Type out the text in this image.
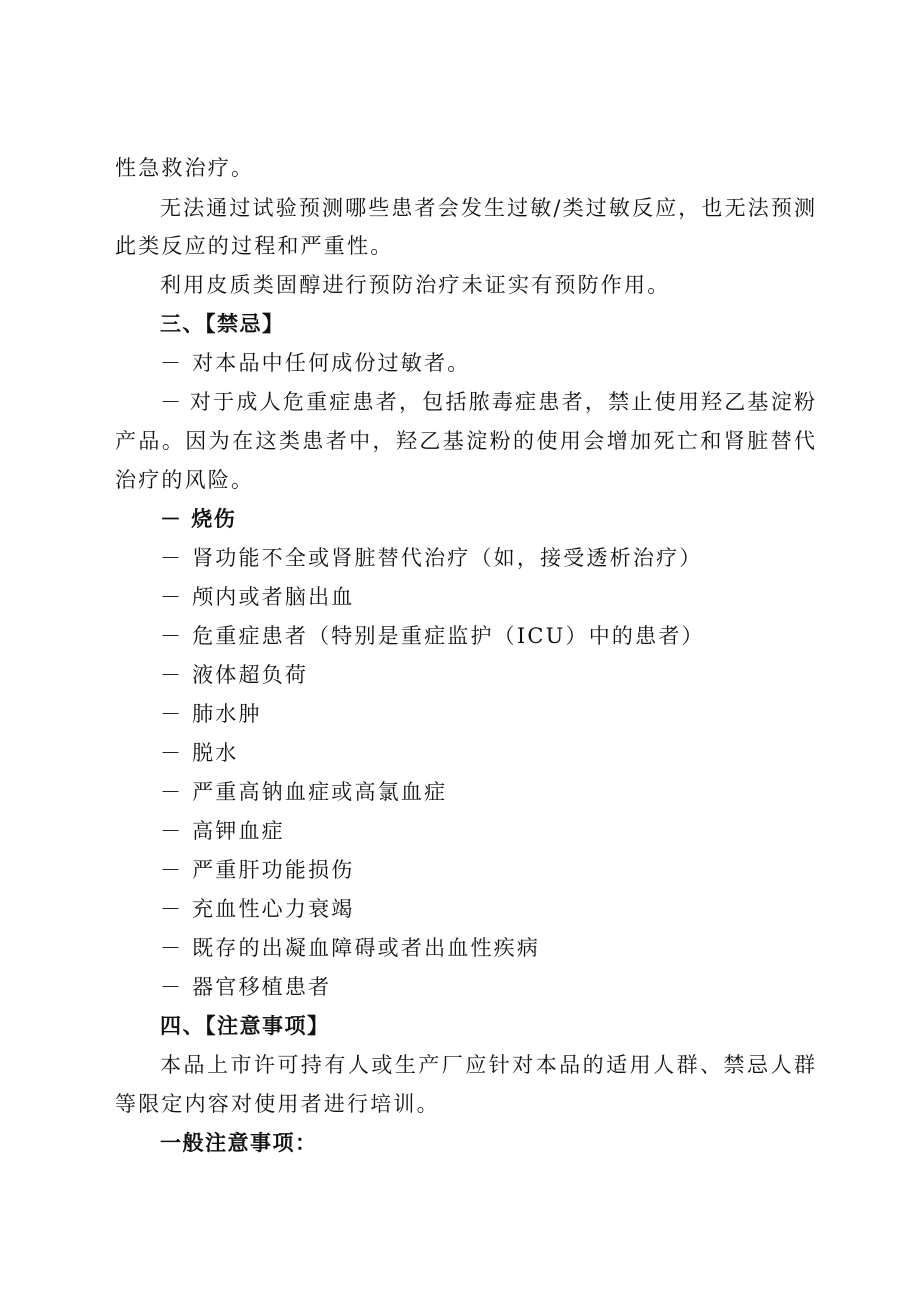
性急救治疗。
无法通过试验预测哪些患者会发生过敏/类过敏反应，也无法预测
此类反应的过程和严重性。
利用皮质类固醇进行预防治疗未证实有预防作用。
三、【禁忌】
－ 对本品中任何成份过敏者。
－ 对于成人危重症患者，包括脓毒症患者，禁止使用羟乙基淀粉
产品。因为在这类患者中，羟乙基淀粉的使用会增加死亡和肾脏替代
治疗的风险。
－ 烧伤
－ 肾功能不全或肾脏替代治疗（如，接受透析治疗）
－ 颅内或者脑出血
－ 危重症患者（特别是重症监护（ICU）中的患者）
－ 液体超负荷
－ 肺水肿
－ 脱水
－ 严重高钠血症或高氯血症
－ 高钾血症
－ 严重肝功能损伤
－ 充血性心力衰竭
－ 既存的出凝血障碍或者出血性疾病
－ 器官移植患者
四、【注意事项】
本品上市许可持有人或生产厂应针对本品的适用人群、禁忌人群
等限定内容对使用者进行培训。
一般注意事项：
